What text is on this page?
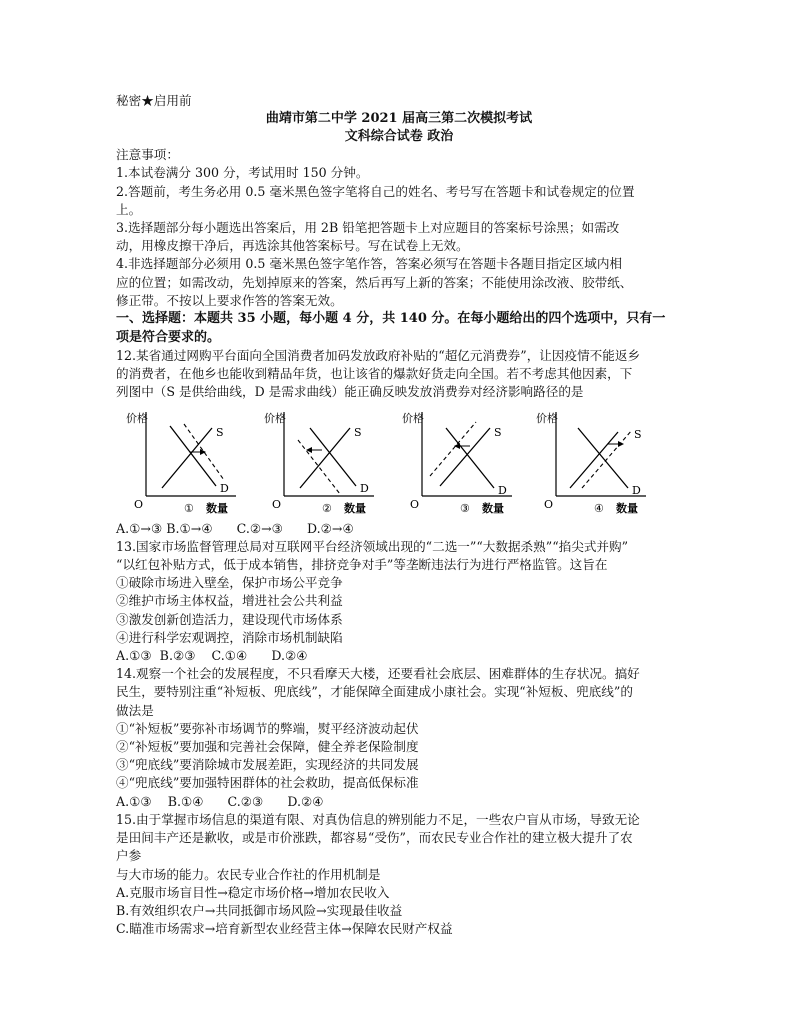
秘密★启用前
曲靖市第二中学 2021 届高三第二次模拟考试
文科综合试卷 政治
注意事项：
1.本试卷满分 300 分，考试用时 150 分钟。
2.答题前，考生务必用 0.5 毫米黑色签字笔将自己的姓名、考号写在答题卡和试卷规定的位置
上。
3.选择题部分每小题选出答案后，用 2B 铅笔把答题卡上对应题目的答案标号涂黑；如需改
动，用橡皮擦干净后，再选涂其他答案标号。写在试卷上无效。
4.非选择题部分必须用 0.5 毫米黑色签字笔作答，答案必须写在答题卡各题目指定区域内相
应的位置；如需改动，先划掉原来的答案，然后再写上新的答案；不能使用涂改液、胶带纸、
修正带。不按以上要求作答的答案无效。
一、选择题：本题共 35 小题，每小题 4 分，共 140 分。在每小题给出的四个选项中，只有一
项是符合要求的。
12.某省通过网购平台面向全国消费者加码发放政府补贴的“超亿元消费券”，让因疫情不能返乡
的消费者，在他乡也能收到精品年货，也让该省的爆款好货走向全国。若不考虑其他因素，下
列图中（S 是供给曲线，D 是需求曲线）能正确反映发放消费券对经济影响路径的是
价格
O
S
D
① 数量
价格
O
S
D
② 数量
价格
O
S
D
③ 数量
价格
O
S
D
④ 数量
A.①→③ B.①→④      C.②→③      D.②→④
13.国家市场监督管理总局对互联网平台经济领域出现的“二选一”“大数据杀熟”“掐尖式并购”
“以红包补贴方式，低于成本销售，排挤竞争对手”等垄断违法行为进行严格监管。这旨在
①破除市场进入壁垒，保护市场公平竞争
②维护市场主体权益，增进社会公共利益
③激发创新创造活力，建设现代市场体系
④进行科学宏观调控，消除市场机制缺陷
A.①③  B.②③    C.①④      D.②④
14.观察一个社会的发展程度，不只看摩天大楼，还要看社会底层、困难群体的生存状况。搞好
民生，要特别注重“补短板、兜底线”，才能保障全面建成小康社会。实现“补短板、兜底线”的
做法是
①“补短板”要弥补市场调节的弊端，熨平经济波动起伏
②“补短板”要加强和完善社会保障，健全养老保险制度
③“兜底线”要消除城市发展差距，实现经济的共同发展
④“兜底线”要加强特困群体的社会救助，提高低保标准
A.①③    B.①④      C.②③      D.②④
15.由于掌握市场信息的渠道有限、对真伪信息的辨别能力不足，一些农户盲从市场，导致无论
是田间丰产还是歉收，或是市价涨跌，都容易“受伤”，而农民专业合作社的建立极大提升了农
户参
与大市场的能力。农民专业合作社的作用机制是
A.克服市场盲目性→稳定市场价格→增加农民收入
B.有效组织农户→共同抵御市场风险→实现最佳收益
C.瞄准市场需求→培育新型农业经营主体→保障农民财产权益
